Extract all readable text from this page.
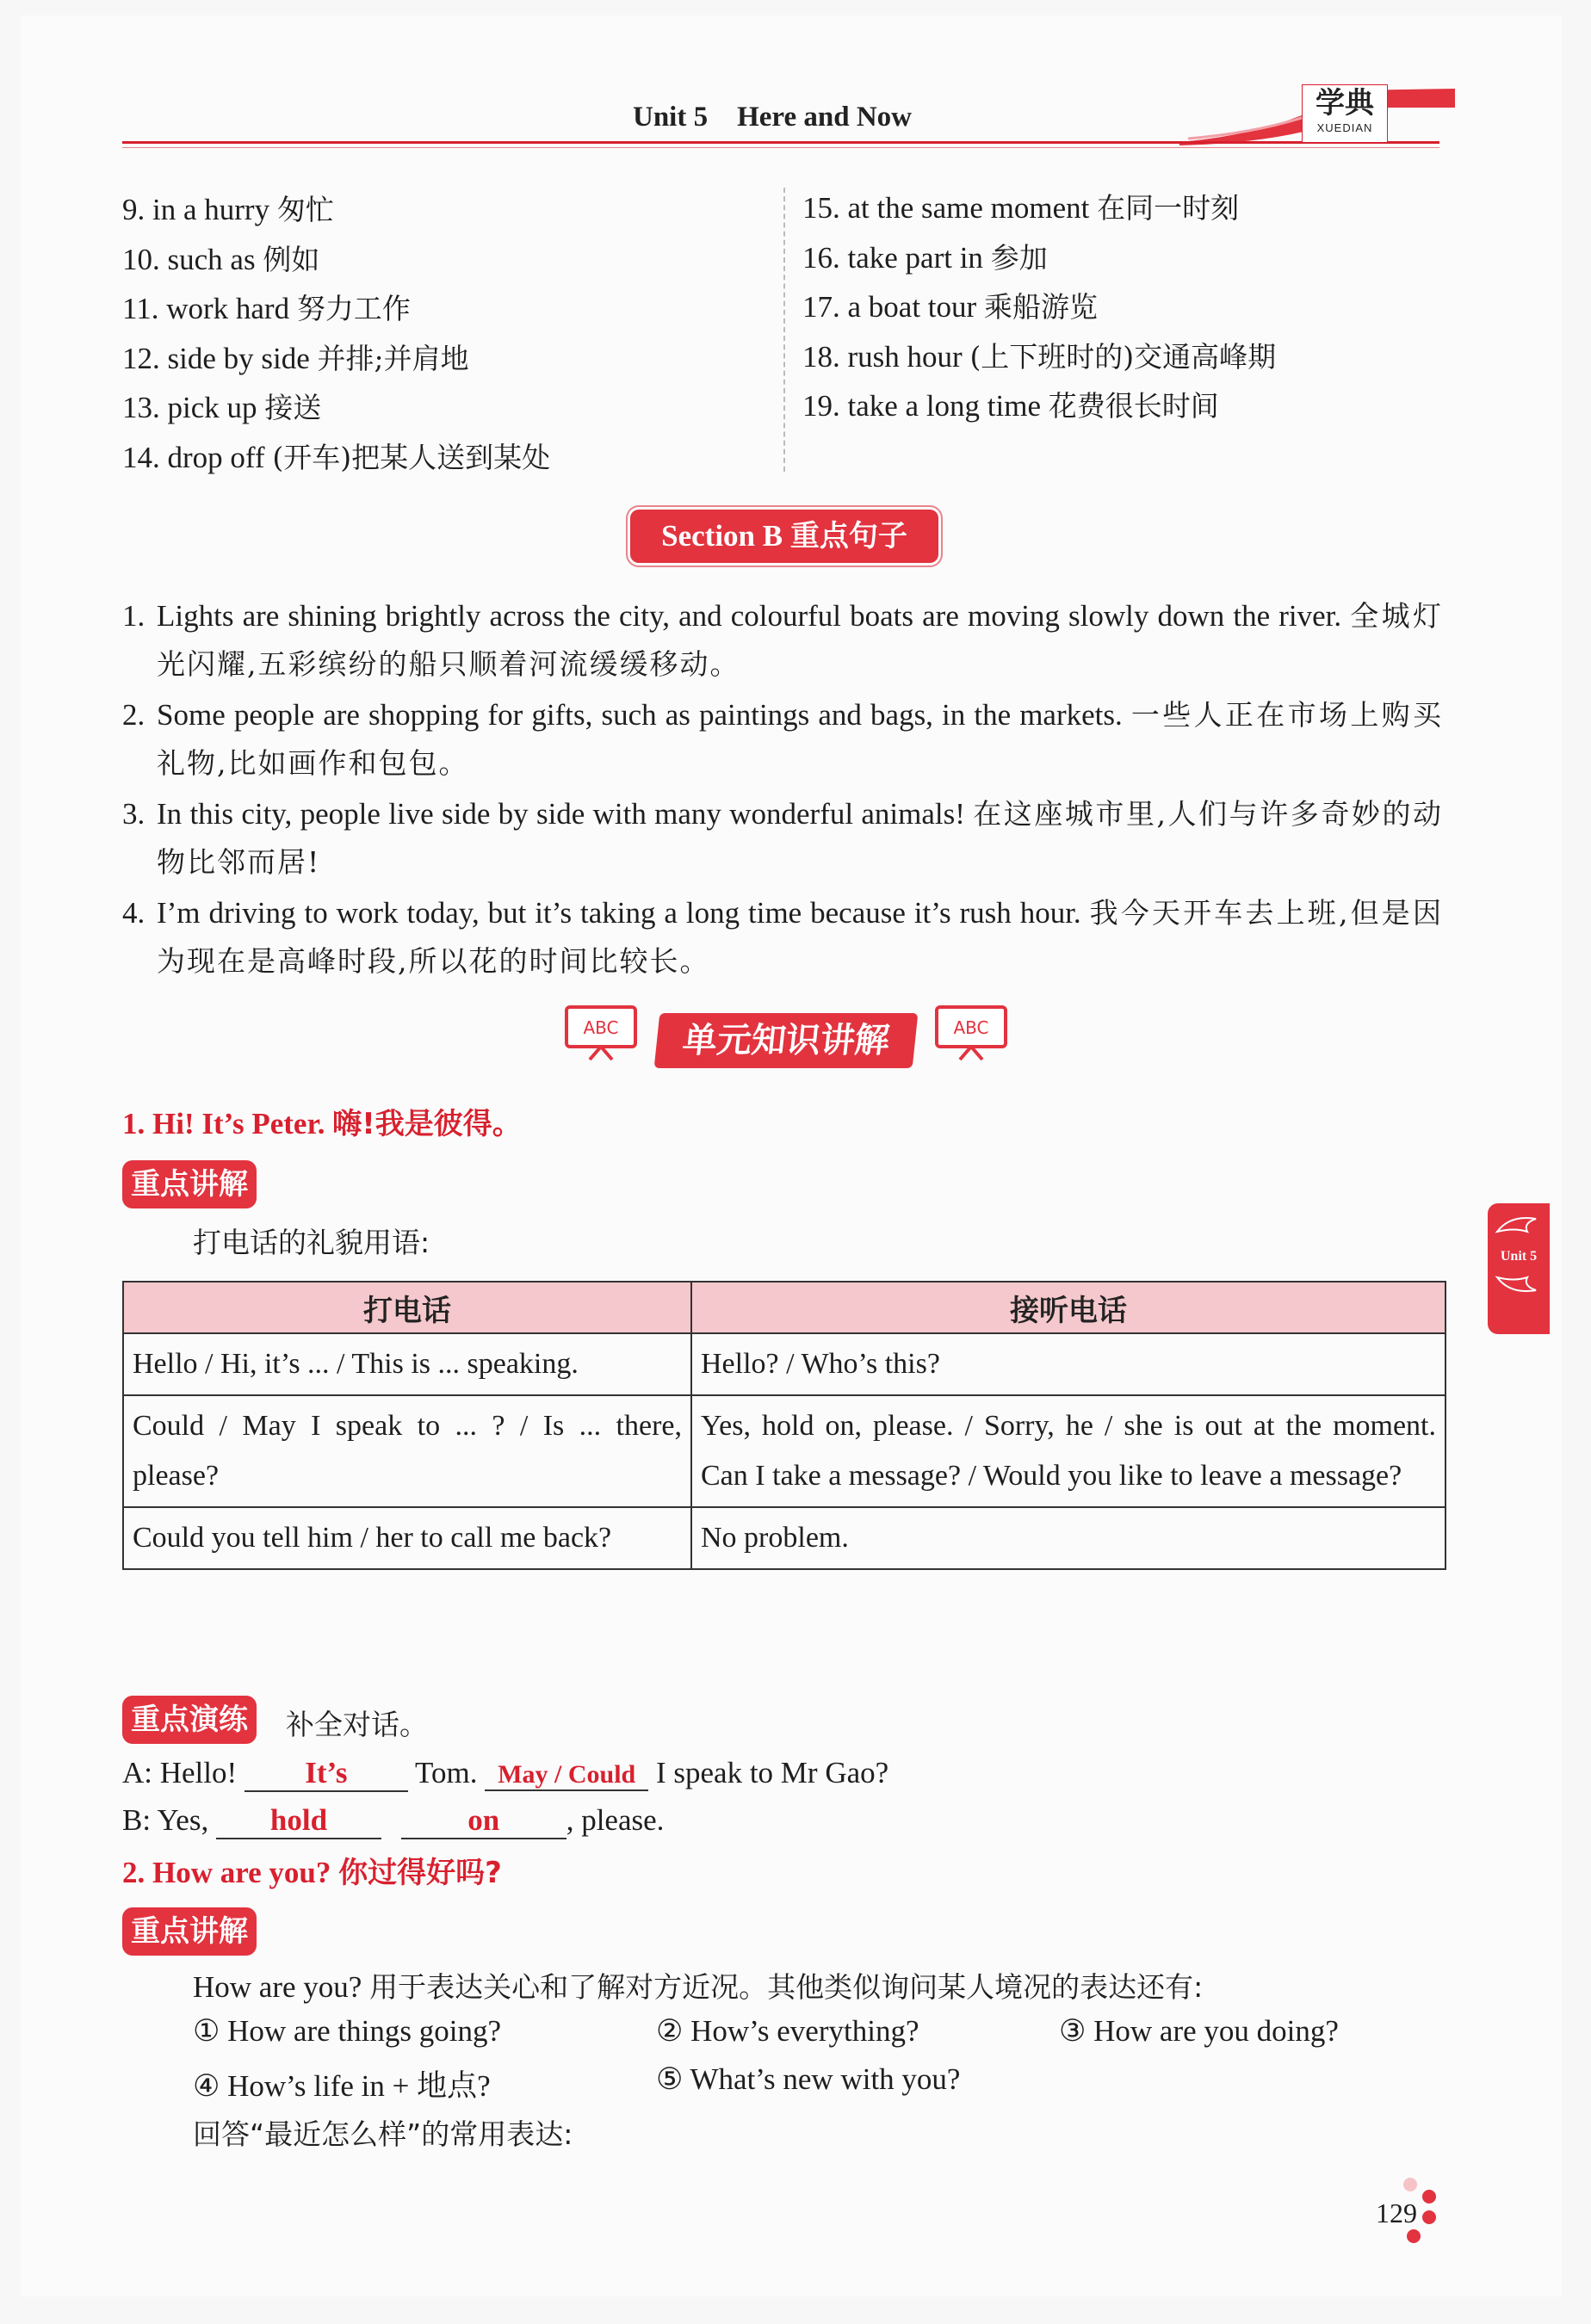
Unit 5 Here and Now	学典
XUEDIAN
9. in a hurry 匆忙
10. such as 例如
11. work hard 努力工作
12. side by side 并排;并肩地
13. pick up 接送
14. drop off (开车)把某人送到某处
15. at the same moment 在同一时刻
16. take part in 参加
17. a boat tour 乘船游览
18. rush hour (上下班时的)交通高峰期
19. take a long time 花费很长时间
Section B 重点句子
1. Lights are shining brightly across the city, and colourful boats are moving slowly down the river. 全城灯光闪耀,五彩缤纷的船只顺着河流缓缓移动。
2. Some people are shopping for gifts, such as paintings and bags, in the markets. 一些人正在市场上购买礼物,比如画作和包包。
3. In this city, people live side by side with many wonderful animals! 在这座城市里,人们与许多奇妙的动物比邻而居!
4. I’m driving to work today, but it’s taking a long time because it’s rush hour. 我今天开车去上班,但是因为现在是高峰时段,所以花的时间比较长。
ABC	单元知识讲解	ABC
1. Hi! It’s Peter. 嗨!我是彼得。
重点讲解
打电话的礼貌用语:
打电话	接听电话
Hello / Hi, it’s ... / This is ... speaking.	Hello? / Who’s this?
Could / May I speak to ... ? / Is ... there, please?	Yes, hold on, please. / Sorry, he / she is out at the moment. Can I take a message? / Would you like to leave a message?
Could you tell him / her to call me back?	No problem.
重点演练	补全对话。
A: Hello! It’s Tom. May / Could I speak to Mr Gao?
B: Yes, hold	on , please.
2. How are you? 你过得好吗?
重点讲解
How are you? 用于表达关心和了解对方近况。其他类似询问某人境况的表达还有:
① How are things going?	② How’s everything?	③ How are you doing?
④ How’s life in + 地点?	⑤ What’s new with you?
回答“最近怎么样”的常用表达:
Unit 5
129
